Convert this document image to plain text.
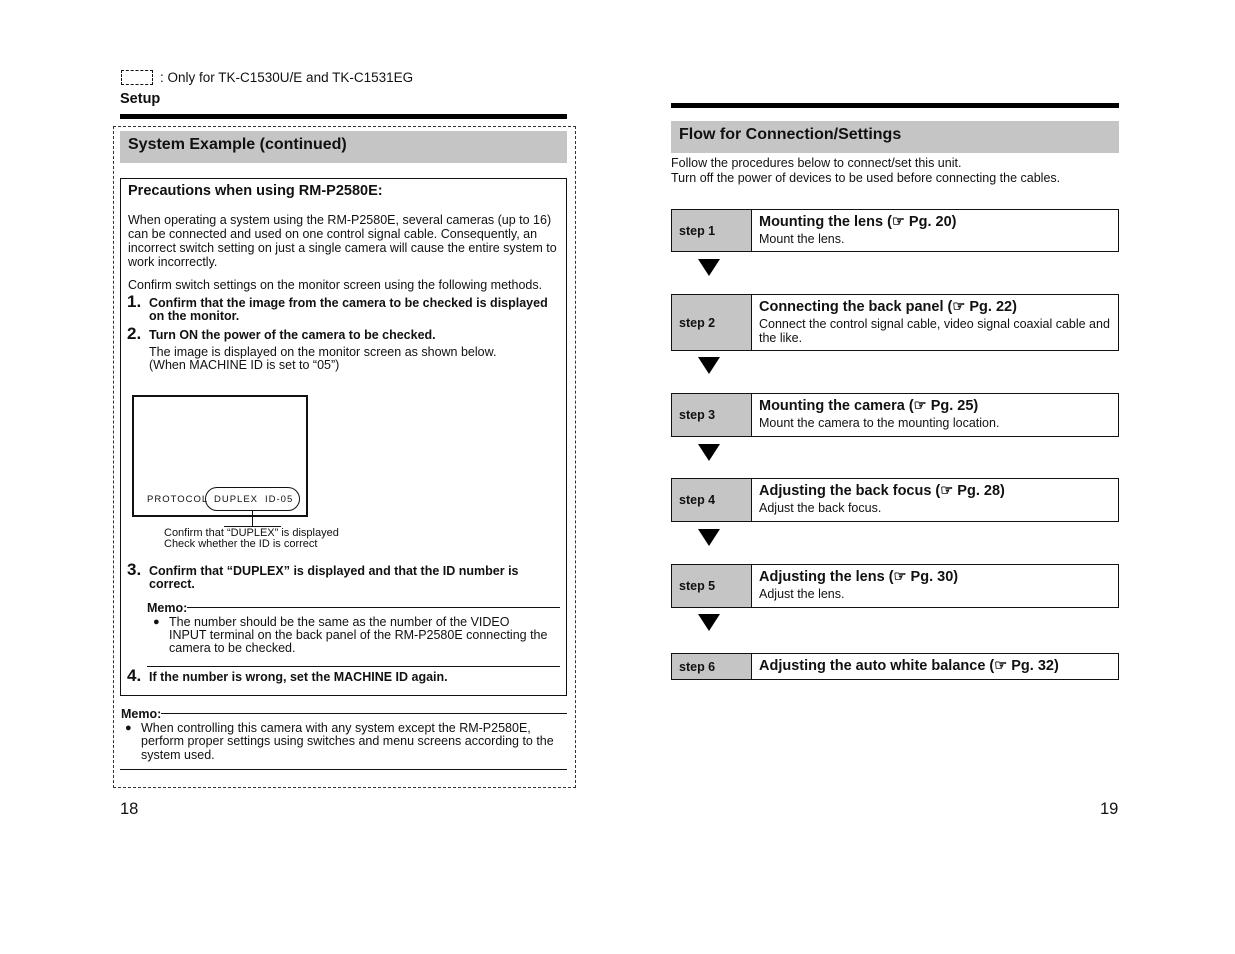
: Only for TK-C1530U/E and TK-C1531EG
Setup
System Example (continued)
Precautions when using RM-P2580E:
When operating a system using the RM-P2580E, several cameras (up to 16) can be connected and used on one control signal cable. Consequently, an incorrect switch setting on just a single camera will cause the entire system to work incorrectly.
Confirm switch settings on the monitor screen using the following methods.
1. Confirm that the image from the camera to be checked is displayed
on the monitor.
2. Turn ON the power of the camera to be checked.
The image is displayed on the monitor screen as shown below.
(When MACHINE ID is set to “05”)
PROTOCOL DUPLEX ID-05
Confirm that “DUPLEX” is displayed
Check whether the ID is correct
3. Confirm that “DUPLEX” is displayed and that the ID number is
correct.
Memo:
● The number should be the same as the number of the VIDEO
INPUT terminal on the back panel of the RM-P2580E connecting the
camera to be checked.
4. If the number is wrong, set the MACHINE ID again.
Memo:
● When controlling this camera with any system except the RM-P2580E,
perform proper settings using switches and menu screens according to the
system used.
18
Flow for Connection/Settings
Follow the procedures below to connect/set this unit.
Turn off the power of devices to be used before connecting the cables.
step 1
Mounting the lens (☞ Pg. 20)
Mount the lens.
step 2
Connecting the back panel (☞ Pg. 22)
Connect the control signal cable, video signal coaxial cable and the like.
step 3
Mounting the camera (☞ Pg. 25)
Mount the camera to the mounting location.
step 4
Adjusting the back focus (☞ Pg. 28)
Adjust the back focus.
step 5
Adjusting the lens (☞ Pg. 30)
Adjust the lens.
step 6	Adjusting the auto white balance (☞ Pg. 32)
19
